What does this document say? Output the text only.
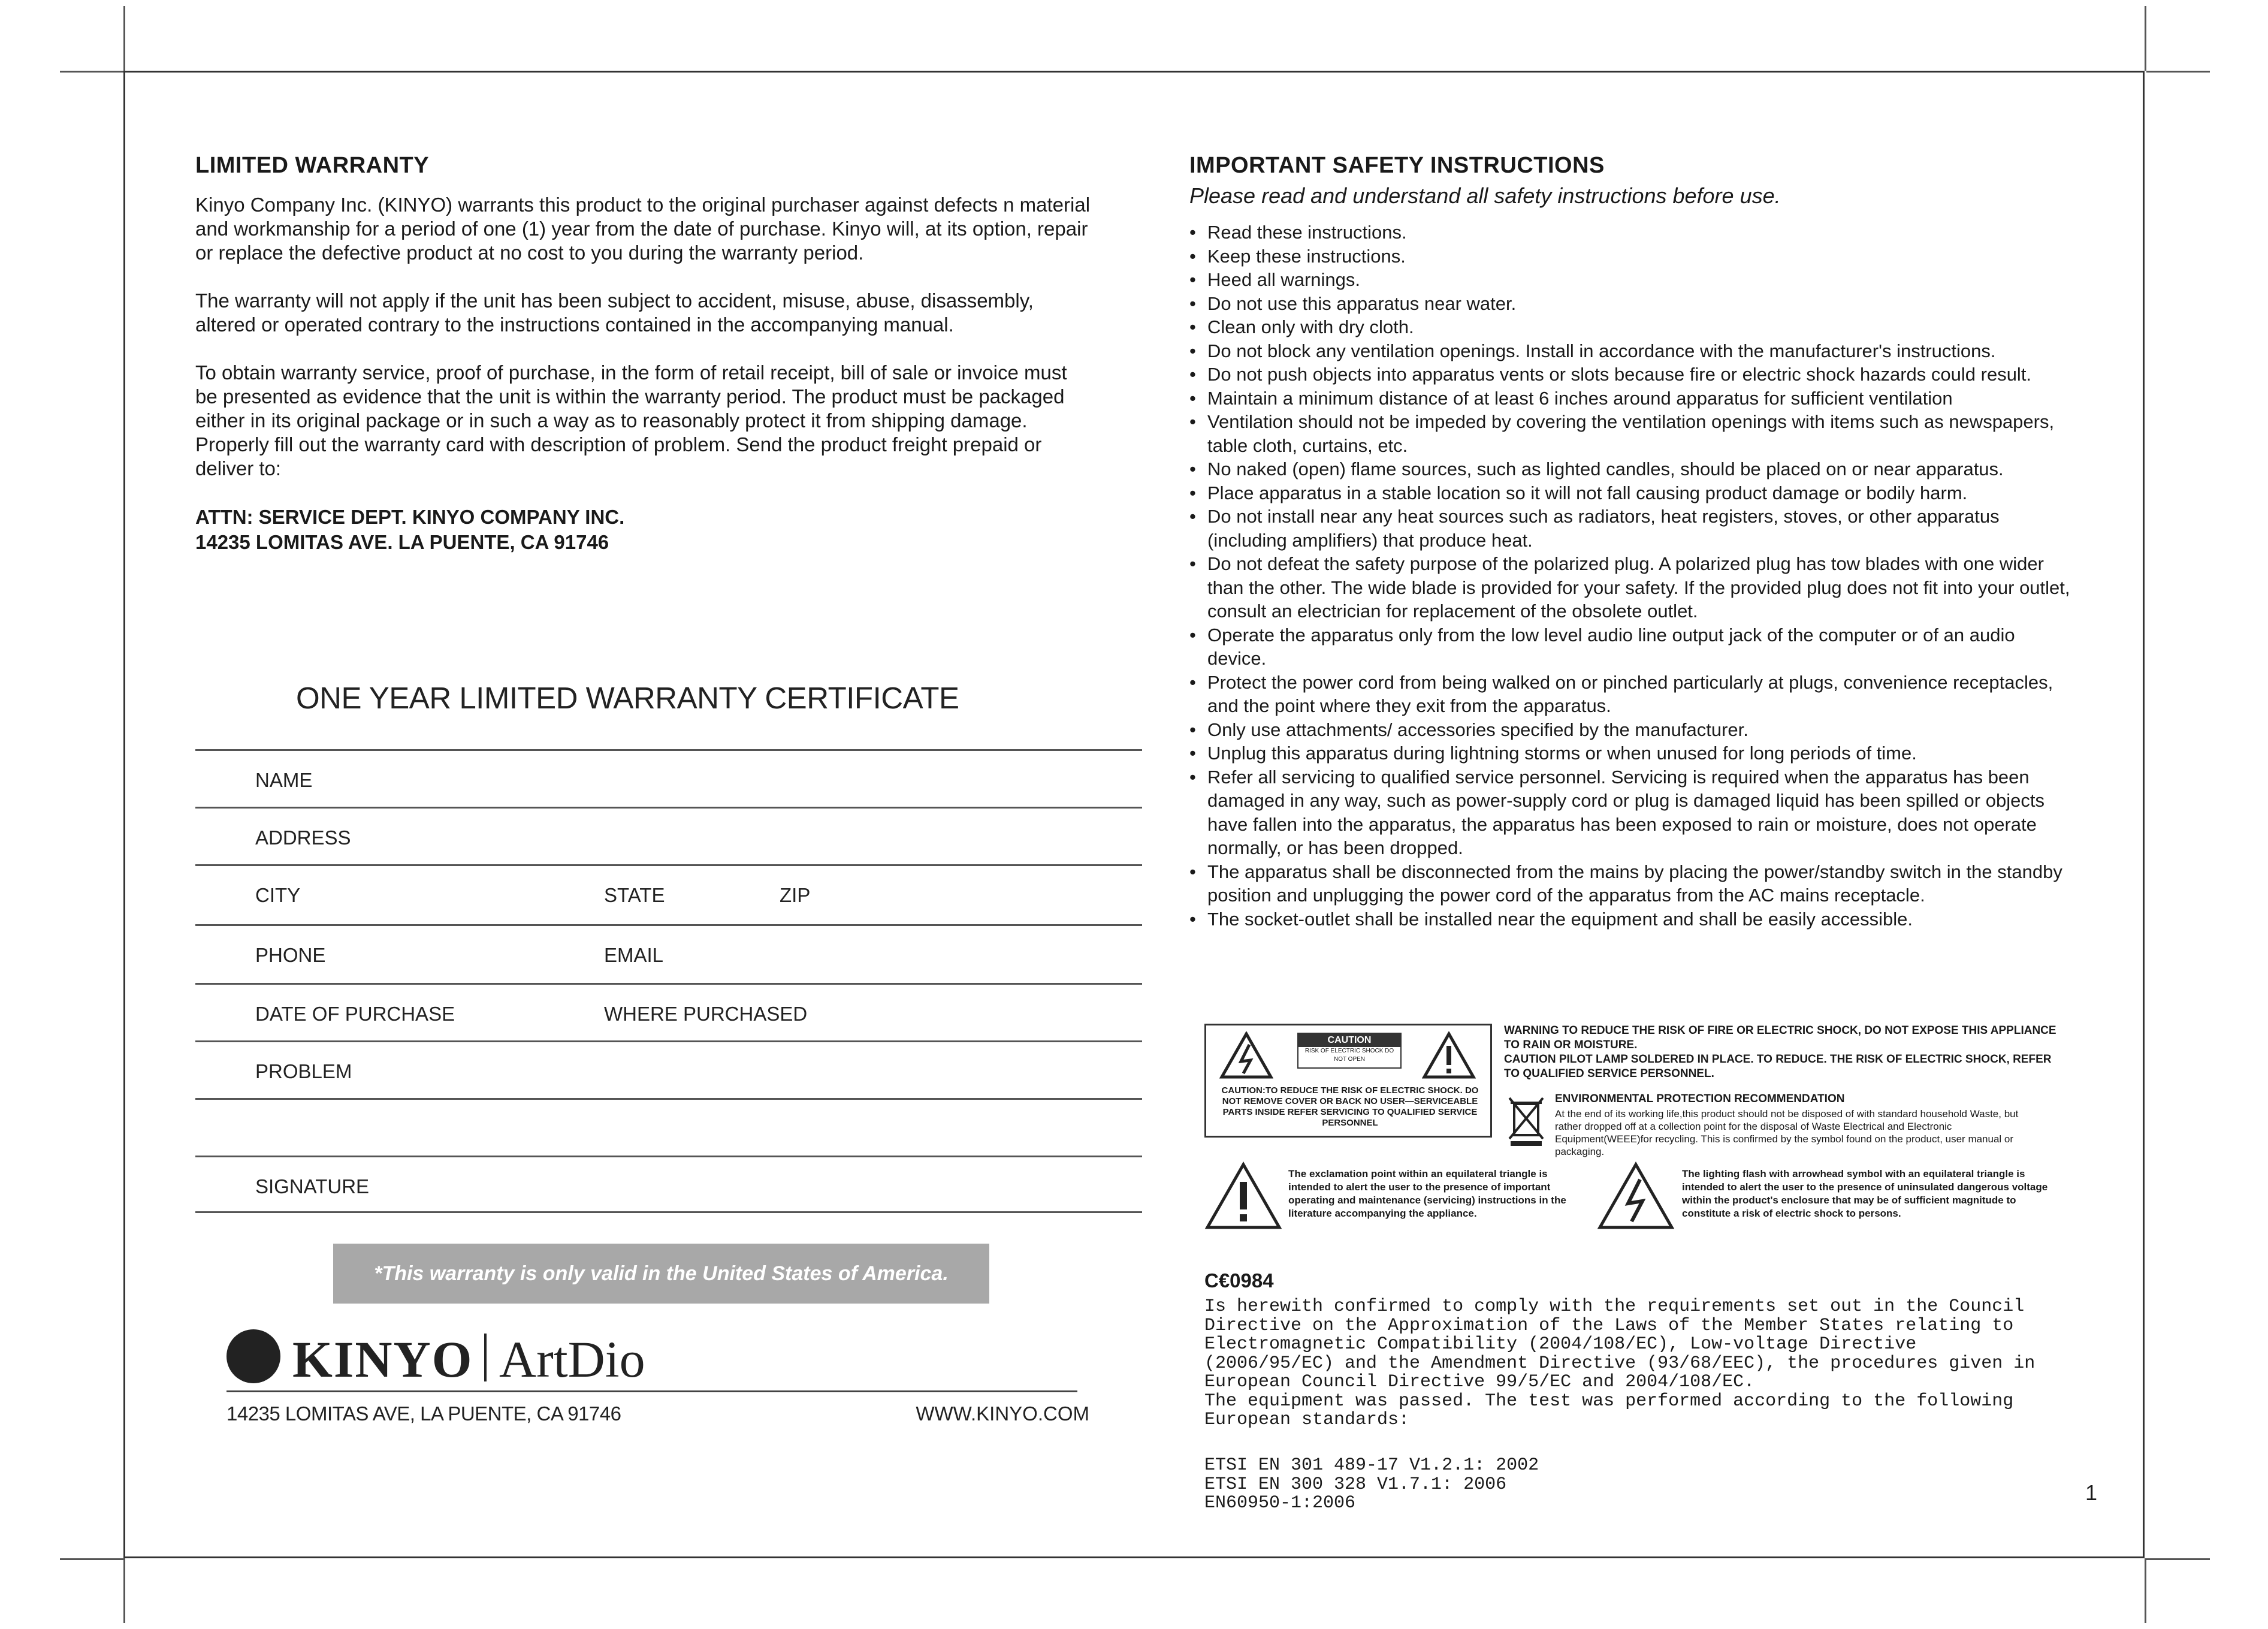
LIMITED WARRANTY

Kinyo Company Inc. (KINYO) warrants this product to the original purchaser against defects n material and workmanship for a period of one (1) year from the date of purchase. Kinyo will, at its option, repair or replace the defective product at no cost to you during the warranty period.

The warranty will not apply if the unit has been subject to accident, misuse, abuse, disassembly, altered or operated contrary to the instructions contained in the accompanying manual.

To obtain warranty service, proof of purchase, in the form of retail receipt, bill of sale or invoice must be presented as evidence that the unit is within the warranty period. The product must be packaged either in its original package or in such a way as to reasonably protect it from shipping damage. Properly fill out the warranty card with description of problem. Send the product freight prepaid or deliver to:

ATTN: SERVICE DEPT. KINYO COMPANY INC.

14235 LOMITAS AVE. LA PUENTE, CA 91746

ONE YEAR LIMITED WARRANTY CERTIFICATE
NAME
ADDRESS
CITY	STATE	ZIP
PHONE	EMAIL
DATE OF PURCHASE	WHERE PURCHASED
PROBLEM
SIGNATURE
*This warranty is only valid in the United States of America.
KINYO ArtDio
14235 LOMITAS AVE, LA PUENTE, CA 91746	WWW.KINYO.COM
IMPORTANT SAFETY INSTRUCTIONS

Please read and understand all safety instructions before use.

• Read these instructions.
• Keep these instructions.
• Heed all warnings.
• Do not use this apparatus near water.
• Clean only with dry cloth.
• Do not block any ventilation openings. Install in accordance with the manufacturer's instructions.
• Do not push objects into apparatus vents or slots because fire or electric shock hazards could result.
• Maintain a minimum distance of at least 6 inches around apparatus for sufficient ventilation
• Ventilation should not be impeded by covering the ventilation openings with items such as newspapers, table cloth, curtains, etc.
• No naked (open) flame sources, such as lighted candles, should be placed on or near apparatus.
• Place apparatus in a stable location so it will not fall causing product damage or bodily harm.
• Do not install near any heat sources such as radiators, heat registers, stoves, or other apparatus (including amplifiers) that produce heat.
• Do not defeat the safety purpose of the polarized plug. A polarized plug has tow blades with one wider than the other. The wide blade is provided for your safety. If the provided plug does not fit into your outlet, consult an electrician for replacement of the obsolete outlet.
• Operate the apparatus only from the low level audio line output jack of the computer or of an audio device.
• Protect the power cord from being walked on or pinched particularly at plugs, convenience receptacles, and the point where they exit from the apparatus.
• Only use attachments/ accessories specified by the manufacturer.
• Unplug this apparatus during lightning storms or when unused for long periods of time.
• Refer all servicing to qualified service personnel. Servicing is required when the apparatus has been damaged in any way, such as power-supply cord or plug is damaged liquid has been spilled or objects have fallen into the apparatus, the apparatus has been exposed to rain or moisture, does not operate normally, or has been dropped.
• The apparatus shall be disconnected from the mains by placing the power/standby switch in the standby position and unplugging the power cord of the apparatus from the AC mains receptacle.
• The socket-outlet shall be installed near the equipment and shall be easily accessible.
CAUTION
RISK OF ELECTRIC SHOCK DO NOT OPEN
CAUTION:TO REDUCE THE RISK OF ELECTRIC SHOCK. DO NOT REMOVE COVER OR BACK NO USER—SERVICEABLE PARTS INSIDE REFER SERVICING TO QUALIFIED SERVICE PERSONNEL
WARNING TO REDUCE THE RISK OF FIRE OR ELECTRIC SHOCK, DO NOT EXPOSE THIS APPLIANCE TO RAIN OR MOISTURE.
CAUTION PILOT LAMP SOLDERED IN PLACE. TO REDUCE. THE RISK OF ELECTRIC SHOCK, REFER TO QUALIFIED SERVICE PERSONNEL.
ENVIRONMENTAL PROTECTION RECOMMENDATION
At the end of its working life,this product should not be disposed of with standard household Waste, but rather dropped off at a collection point for the disposal of Waste Electrical and Electronic Equipment(WEEE)for recycling. This is confirmed by the symbol found on the product, user manual or packaging.
The exclamation point within an equilateral triangle is intended to alert the user to the presence of important operating and maintenance (servicing) instructions in the literature accompanying the appliance.
The lighting flash with arrowhead symbol with an equilateral triangle is intended to alert the user to the presence of uninsulated dangerous voltage within the product's enclosure that may be of sufficient magnitude to constitute a risk of electric shock to persons.
C€0984
Is herewith confirmed to comply with the requirements set out in the Council
Directive on the Approximation of the Laws of the Member States relating to
Electromagnetic Compatibility (2004/108/EC), Low-voltage Directive
(2006/95/EC) and the Amendment Directive (93/68/EEC), the procedures given in
European Council Directive 99/5/EC and 2004/108/EC.
The equipment was passed. The test was performed according to the following
European standards:
ETSI EN 301 489-17 V1.2.1: 2002
ETSI EN 300 328 V1.7.1: 2006
EN60950-1:2006	1
